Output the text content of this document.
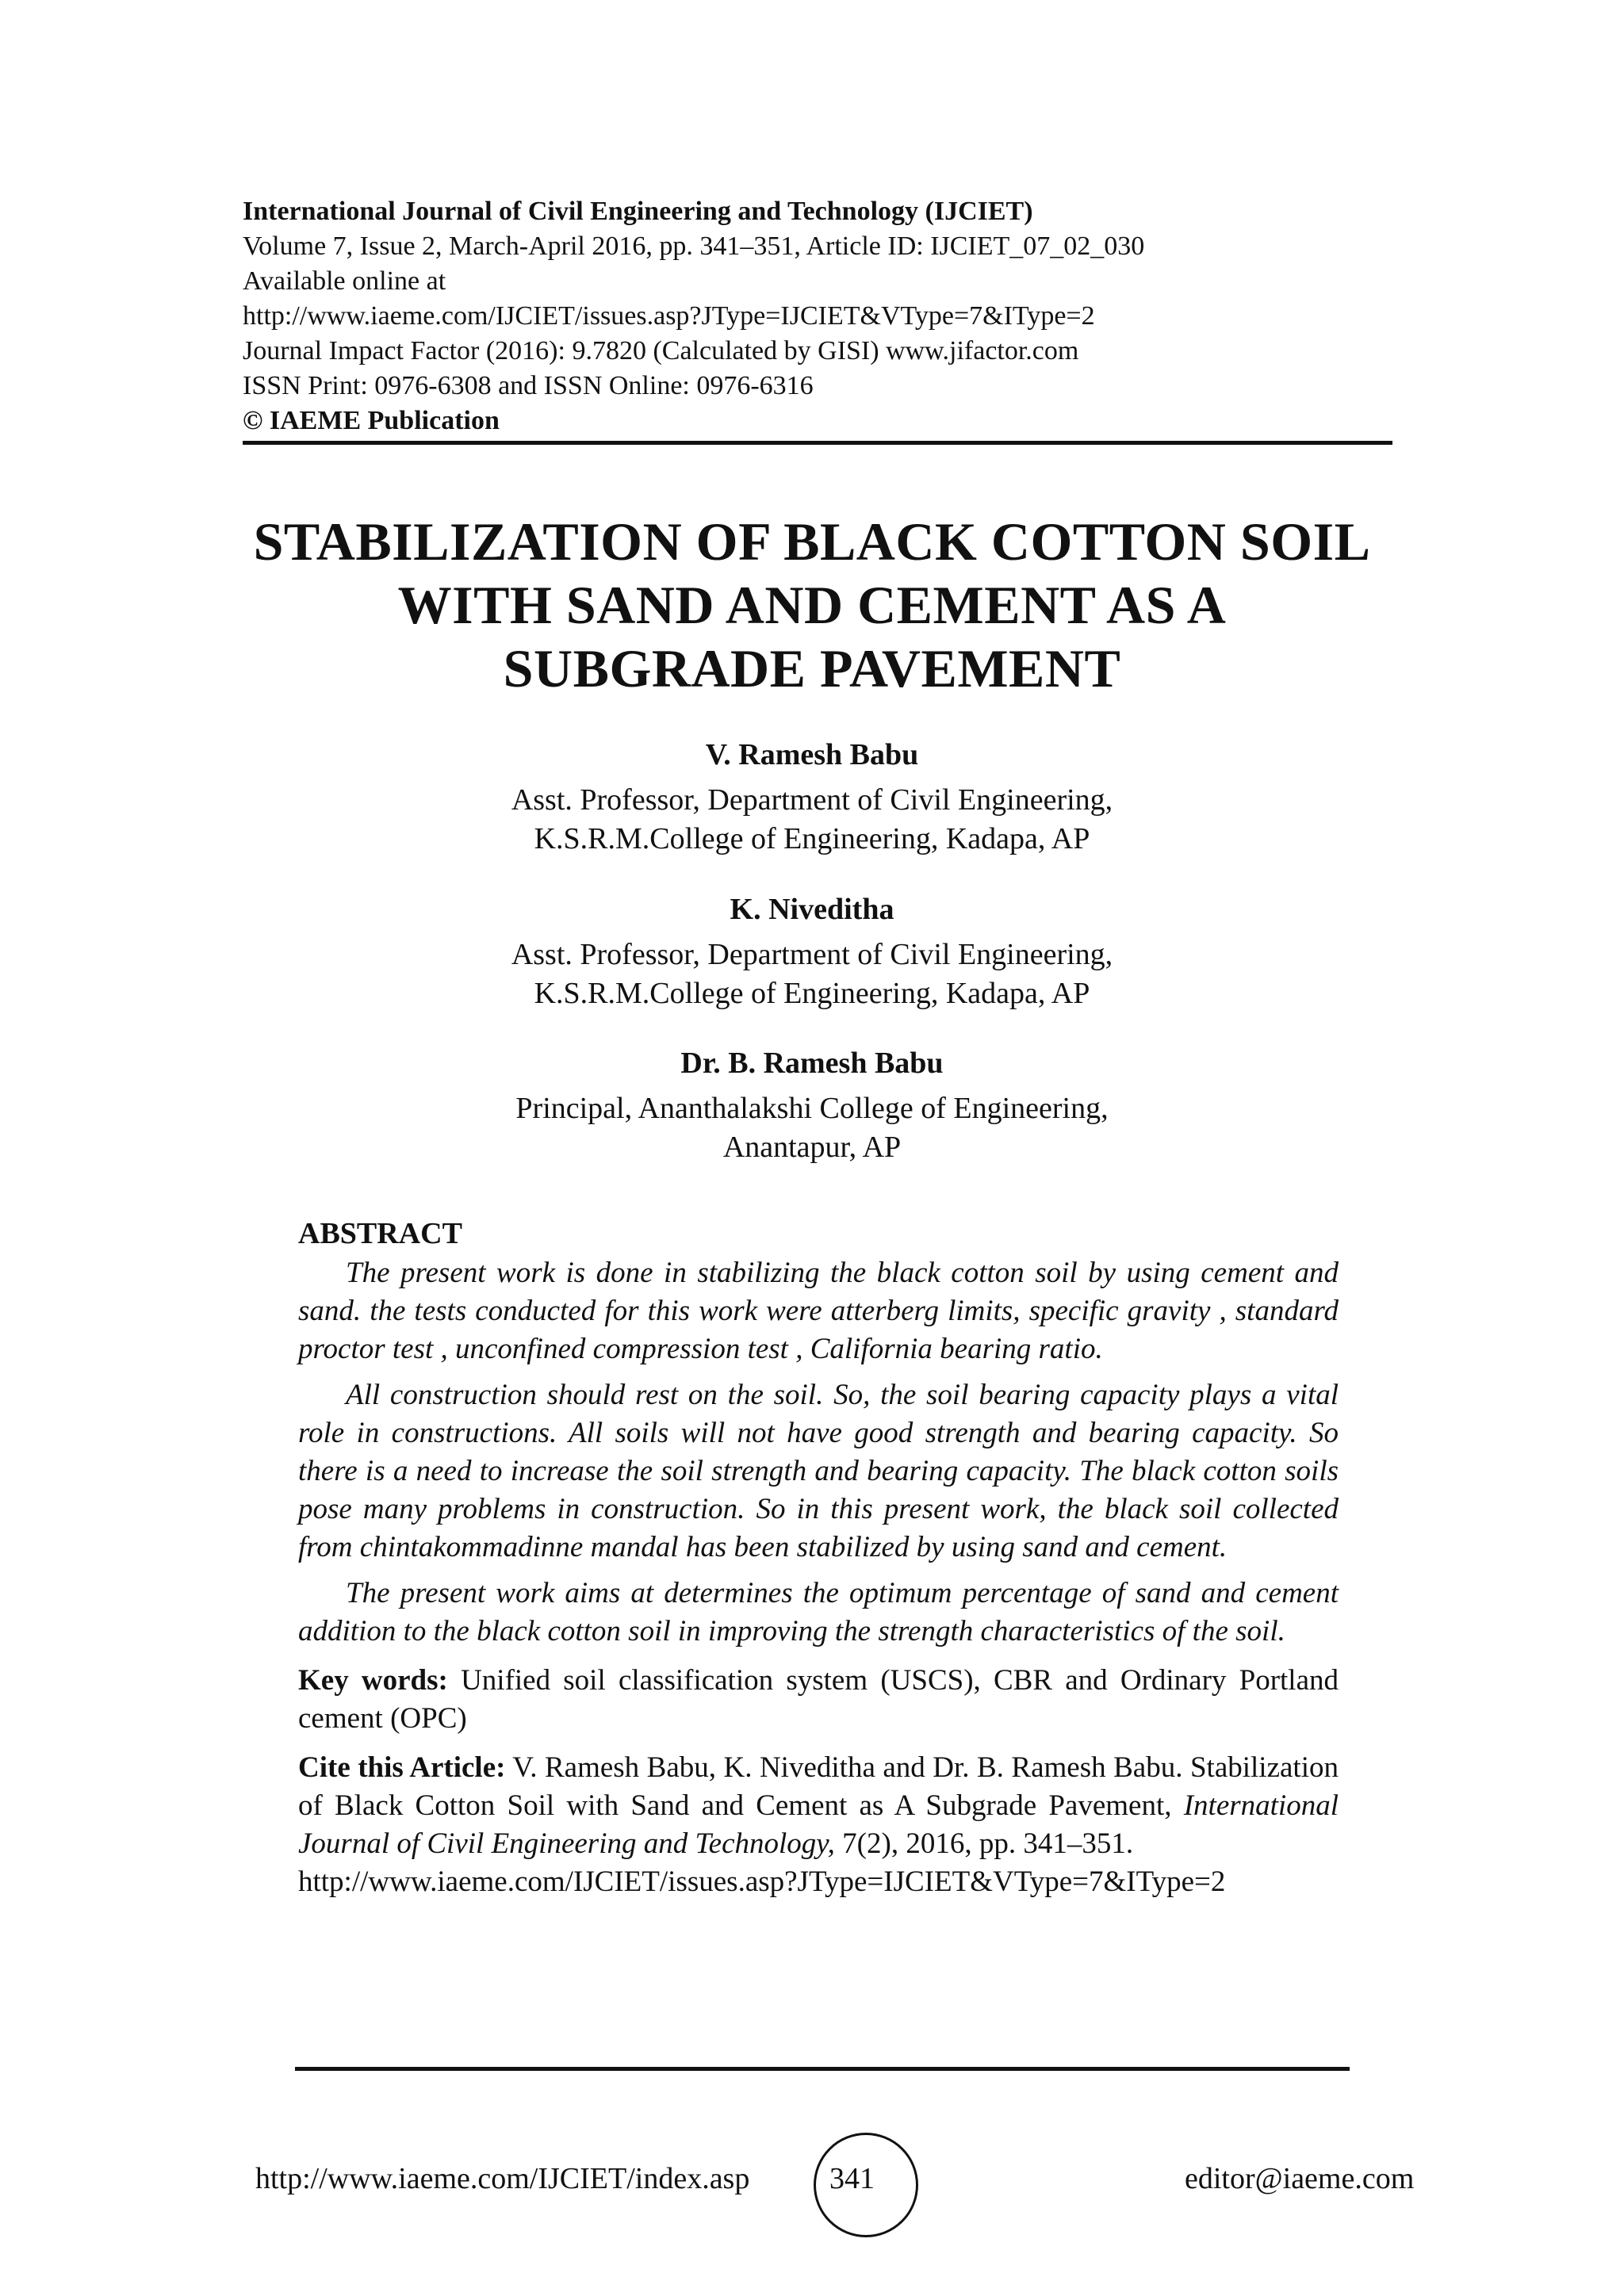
International Journal of Civil Engineering and Technology (IJCIET)
Volume 7, Issue 2, March-April 2016, pp. 341–351, Article ID: IJCIET_07_02_030
Available online at
http://www.iaeme.com/IJCIET/issues.asp?JType=IJCIET&VType=7&IType=2
Journal Impact Factor (2016): 9.7820 (Calculated by GISI) www.jifactor.com
ISSN Print: 0976-6308 and ISSN Online: 0976-6316
© IAEME Publication
STABILIZATION OF BLACK COTTON SOIL
WITH SAND AND CEMENT AS A
SUBGRADE PAVEMENT
V. Ramesh Babu
Asst. Professor, Department of Civil Engineering,
K.S.R.M.College of Engineering, Kadapa, AP
K. Niveditha
Asst. Professor, Department of Civil Engineering,
K.S.R.M.College of Engineering, Kadapa, AP
Dr. B. Ramesh Babu
Principal, Ananthalakshi College of Engineering,
Anantapur, AP
ABSTRACT

The present work is done in stabilizing the black cotton soil by using cement and sand. the tests conducted for this work were atterberg limits, specific gravity , standard proctor test , unconfined compression test , California bearing ratio.

All construction should rest on the soil. So, the soil bearing capacity plays a vital role in constructions. All soils will not have good strength and bearing capacity. So there is a need to increase the soil strength and bearing capacity. The black cotton soils pose many problems in construction. So in this present work, the black soil collected from chintakommadinne mandal has been stabilized by using sand and cement.

The present work aims at determines the optimum percentage of sand and cement addition to the black cotton soil in improving the strength characteristics of the soil.

Key words: Unified soil classification system (USCS), CBR and Ordinary Portland cement (OPC)

Cite this Article: V. Ramesh Babu, K. Niveditha and Dr. B. Ramesh Babu. Stabilization of Black Cotton Soil with Sand and Cement as A Subgrade Pavement, International Journal of Civil Engineering and Technology, 7(2), 2016, pp. 341–351.

http://www.iaeme.com/IJCIET/issues.asp?JType=IJCIET&VType=7&IType=2
http://www.iaeme.com/IJCIET/index.asp	341	editor@iaeme.com
